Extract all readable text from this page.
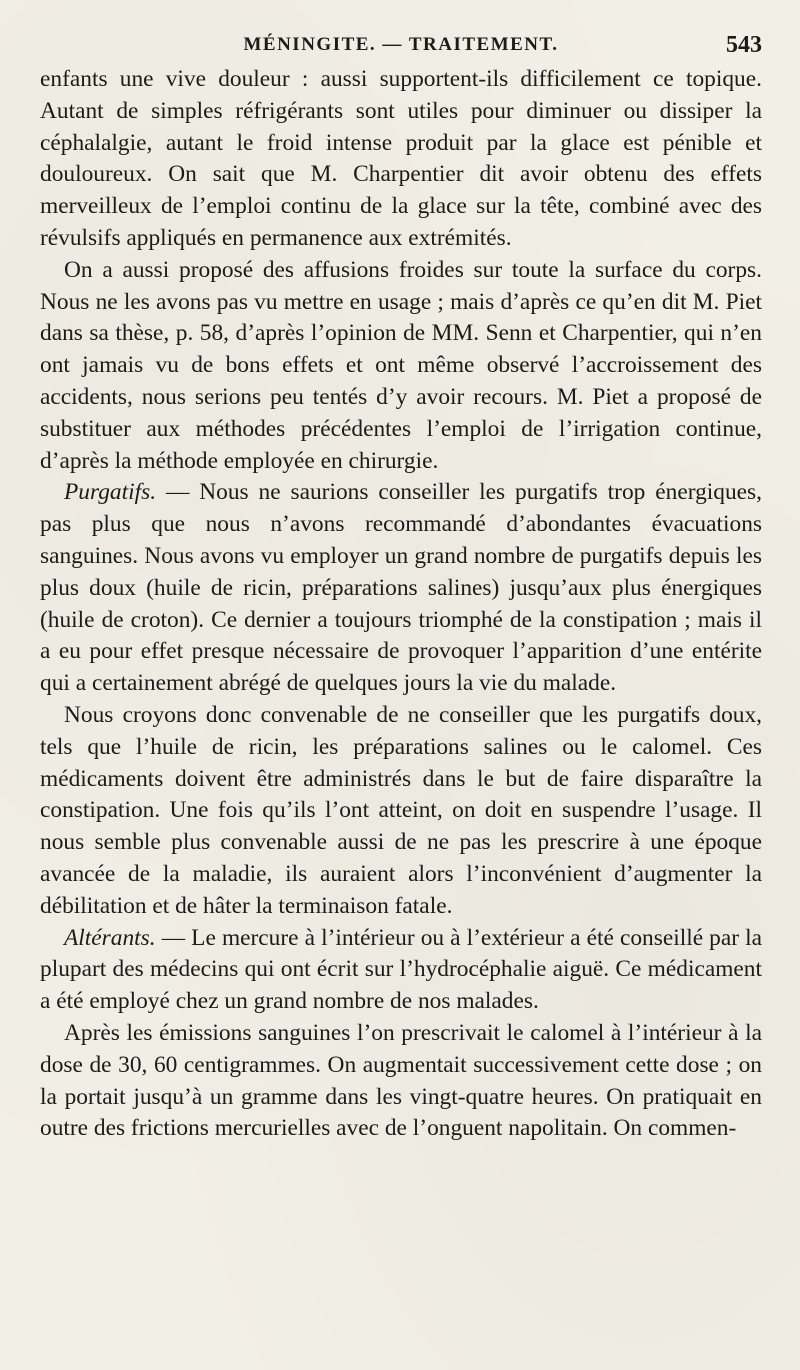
MÉNINGITE. — TRAITEMENT.	543

enfants une vive douleur : aussi supportent-ils difficilement ce topique. Autant de simples réfrigérants sont utiles pour diminuer ou dissiper la céphalalgie, autant le froid intense produit par la glace est pénible et douloureux. On sait que M. Charpentier dit avoir obtenu des effets merveilleux de l’emploi continu de la glace sur la tête, combiné avec des révulsifs appliqués en permanence aux extrémités.

On a aussi proposé des affusions froides sur toute la surface du corps. Nous ne les avons pas vu mettre en usage ; mais d’après ce qu’en dit M. Piet dans sa thèse, p. 58, d’après l’opinion de MM. Senn et Charpentier, qui n’en ont jamais vu de bons effets et ont même observé l’accroissement des accidents, nous serions peu tentés d’y avoir recours. M. Piet a proposé de substituer aux méthodes précédentes l’emploi de l’irrigation continue, d’après la méthode employée en chirurgie.

Purgatifs. — Nous ne saurions conseiller les purgatifs trop énergiques, pas plus que nous n’avons recommandé d’abondantes évacuations sanguines. Nous avons vu employer un grand nombre de purgatifs depuis les plus doux (huile de ricin, préparations salines) jusqu’aux plus énergiques (huile de croton). Ce dernier a toujours triomphé de la constipation ; mais il a eu pour effet presque nécessaire de provoquer l’apparition d’une entérite qui a certainement abrégé de quelques jours la vie du malade.

Nous croyons donc convenable de ne conseiller que les purgatifs doux, tels que l’huile de ricin, les préparations salines ou le calomel. Ces médicaments doivent être administrés dans le but de faire disparaître la constipation. Une fois qu’ils l’ont atteint, on doit en suspendre l’usage. Il nous semble plus convenable aussi de ne pas les prescrire à une époque avancée de la maladie, ils auraient alors l’inconvénient d’augmenter la débilitation et de hâter la terminaison fatale.

Altérants. — Le mercure à l’intérieur ou à l’extérieur a été conseillé par la plupart des médecins qui ont écrit sur l’hydrocéphalie aiguë. Ce médicament a été employé chez un grand nombre de nos malades.

Après les émissions sanguines l’on prescrivait le calomel à l’intérieur à la dose de 30, 60 centigrammes. On augmentait successivement cette dose ; on la portait jusqu’à un gramme dans les vingt-quatre heures. On pratiquait en outre des frictions mercurielles avec de l’onguent napolitain. On commen-
